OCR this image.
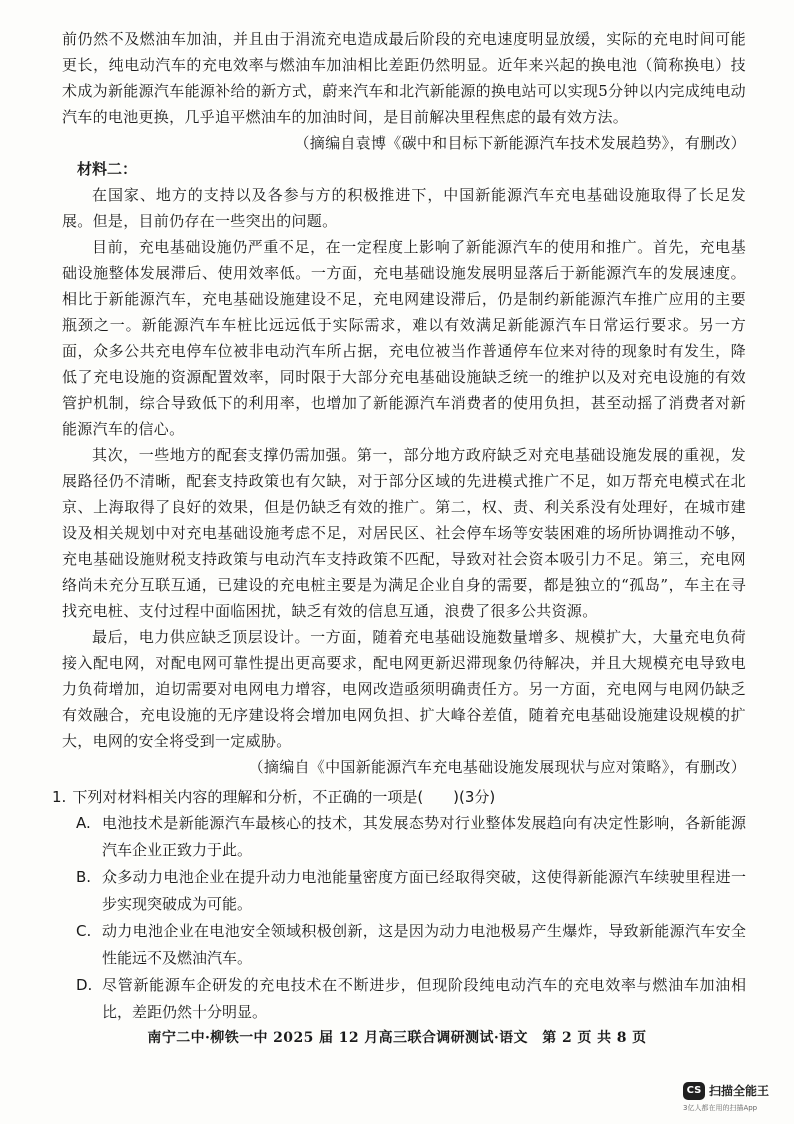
前仍然不及燃油车加油，并且由于涓流充电造成最后阶段的充电速度明显放缓，实际的充电时间可能更长，纯电动汽车的充电效率与燃油车加油相比差距仍然明显。近年来兴起的换电池（简称换电）技术成为新能源汽车能源补给的新方式，蔚来汽车和北汽新能源的换电站可以实现5分钟以内完成纯电动汽车的电池更换，几乎追平燃油车的加油时间，是目前解决里程焦虑的最有效方法。

（摘编自袁博《碳中和目标下新能源汽车技术发展趋势》，有删改）

材料二：

在国家、地方的支持以及各参与方的积极推进下，中国新能源汽车充电基础设施取得了长足发展。但是，目前仍存在一些突出的问题。

目前，充电基础设施仍严重不足，在一定程度上影响了新能源汽车的使用和推广。首先，充电基础设施整体发展滞后、使用效率低。一方面，充电基础设施发展明显落后于新能源汽车的发展速度。相比于新能源汽车，充电基础设施建设不足，充电网建设滞后，仍是制约新能源汽车推广应用的主要瓶颈之一。新能源汽车车桩比远远低于实际需求，难以有效满足新能源汽车日常运行要求。另一方面，众多公共充电停车位被非电动汽车所占据，充电位被当作普通停车位来对待的现象时有发生，降低了充电设施的资源配置效率，同时限于大部分充电基础设施缺乏统一的维护以及对充电设施的有效管护机制，综合导致低下的利用率，也增加了新能源汽车消费者的使用负担，甚至动摇了消费者对新能源汽车的信心。

其次，一些地方的配套支撑仍需加强。第一，部分地方政府缺乏对充电基础设施发展的重视，发展路径仍不清晰，配套支持政策也有欠缺，对于部分区域的先进模式推广不足，如万帮充电模式在北京、上海取得了良好的效果，但是仍缺乏有效的推广。第二，权、责、利关系没有处理好，在城市建设及相关规划中对充电基础设施考虑不足，对居民区、社会停车场等安装困难的场所协调推动不够，充电基础设施财税支持政策与电动汽车支持政策不匹配，导致对社会资本吸引力不足。第三，充电网络尚未充分互联互通，已建设的充电桩主要是为满足企业自身的需要，都是独立的“孤岛”，车主在寻找充电桩、支付过程中面临困扰，缺乏有效的信息互通，浪费了很多公共资源。

最后，电力供应缺乏顶层设计。一方面，随着充电基础设施数量增多、规模扩大，大量充电负荷接入配电网，对配电网可靠性提出更高要求，配电网更新迟滞现象仍待解决，并且大规模充电导致电力负荷增加，迫切需要对电网电力增容，电网改造亟须明确责任方。另一方面，充电网与电网仍缺乏有效融合，充电设施的无序建设将会增加电网负担、扩大峰谷差值，随着充电基础设施建设规模的扩大，电网的安全将受到一定威胁。

（摘编自《中国新能源汽车充电基础设施发展现状与应对策略》，有删改）

1. 下列对材料相关内容的理解和分析，不正确的一项是(　　)(3分)
A. 电池技术是新能源汽车最核心的技术，其发展态势对行业整体发展趋向有决定性影响，各新能源汽车企业正致力于此。
B. 众多动力电池企业在提升动力电池能量密度方面已经取得突破，这使得新能源汽车续驶里程进一步实现突破成为可能。
C. 动力电池企业在电池安全领域积极创新，这是因为动力电池极易产生爆炸，导致新能源汽车安全性能远不及燃油汽车。
D. 尽管新能源车企研发的充电技术在不断进步，但现阶段纯电动汽车的充电效率与燃油车加油相比，差距仍然十分明显。
南宁二中·柳铁一中 2025 届 12 月高三联合调研测试·语文　第 2 页 共 8 页
CS 扫描全能王
3亿人都在用的扫描App
